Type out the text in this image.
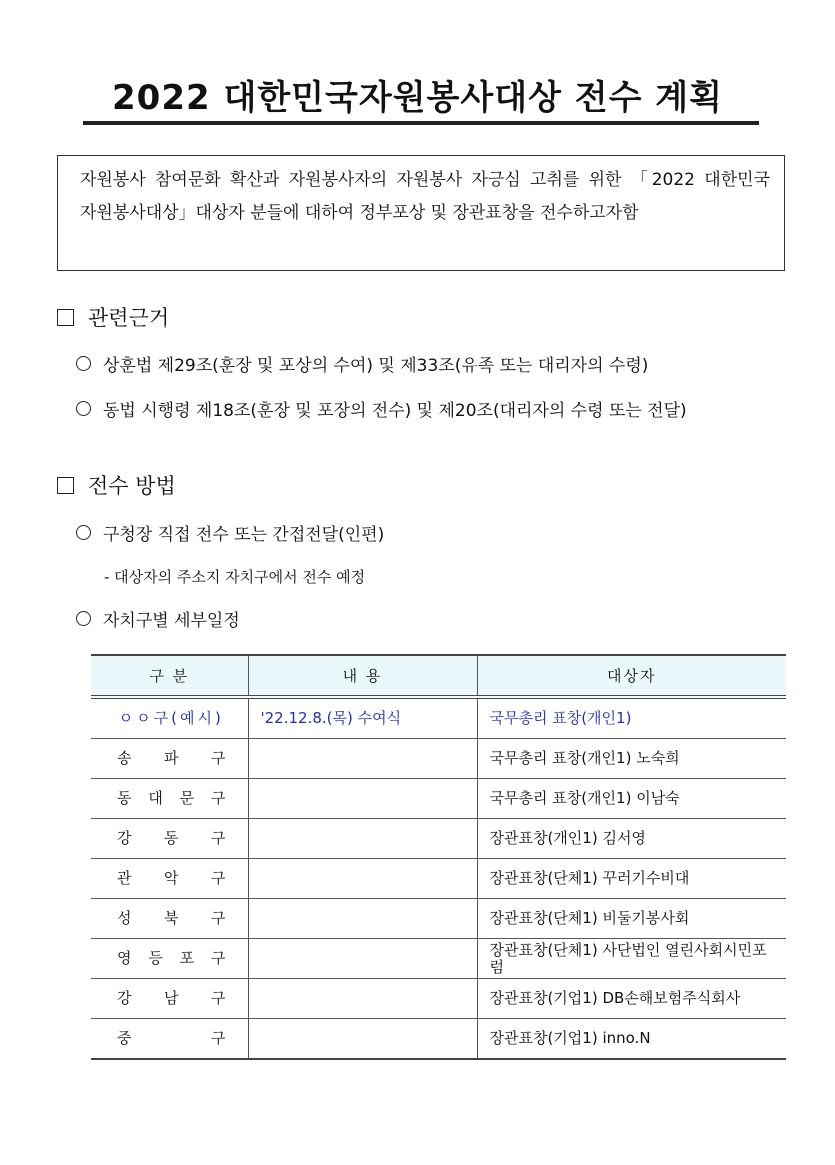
2022 대한민국자원봉사대상 전수 계획
자원봉사 참여문화 확산과 자원봉사자의 자원봉사 자긍심 고취를 위한 「2022 대한민국 자원봉사대상」대상자 분들에 대하여 정부포상 및 장관표창을 전수하고자함
관련근거
상훈법 제29조(훈장 및 포상의 수여) 및 제33조(유족 또는 대리자의 수령)
동법 시행령 제18조(훈장 및 포장의 전수) 및 제20조(대리자의 수령 또는 전달)
전수 방법
구청장 직접 전수 또는 간접전달(인편)
- 대상자의 주소지 자치구에서 전수 예정
자치구별 세부일정
구 분	내 용	대상자

ㅇㅇ구(예시)	'22.12.8.(목) 수여식	국무총리 표창(개인1)

송 파 구		국무총리 표창(개인1) 노숙희

동 대 문 구		국무총리 표창(개인1) 이남숙

강 동 구		장관표창(개인1) 김서영

관 악 구		장관표창(단체1) 꾸러기수비대

성 북 구		장관표창(단체1) 비둘기봉사회

영 등 포 구		장관표창(단체1) 사단법인 열린사회시민포럼

강 남 구		장관표창(기업1) DB손해보험주식회사

중 구		장관표창(기업1) inno.N
